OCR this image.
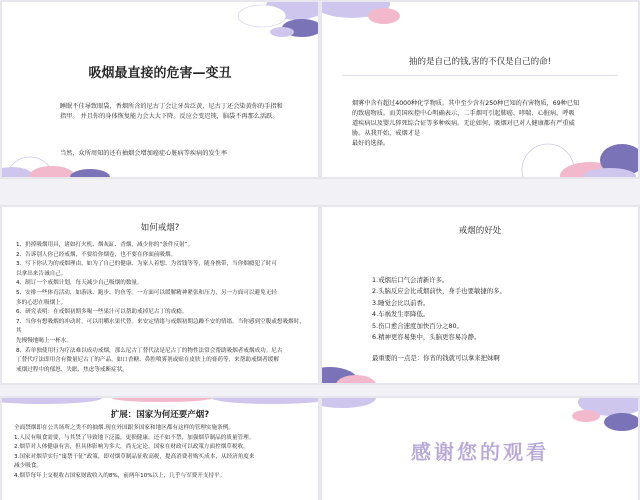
吸烟最直接的危害—变丑
睡眠不佳导致眼袋，香烟所含的尼古丁会让牙齿泛黄，尼古丁还会染黄你的手指和
指甲。 并且你的身体恢复能力会大大下降。反应会变迟钝，脑袋不再那么活跃。
当然，众所周知的还有抽烟会增加癌症心脏病等疾病的发生率
抽的是自己的钱,害的不仅是自己的命!
烟雾中含有超过4000种化学物质。其中至少含有250种已知的有害物质，69种已知
的致癌物质。而美国疾控中心明确表示，二手烟可引起肺癌、哮喘、心脏病，呼吸
道疾病以及婴儿猝死综合征等多种疾病。无论如何，吸烟对已对人健康都有严重威
胁。从我开始，戒烟才是
最好的选择。
如何戒烟?
1、扔掉吸烟用具，诸如打火机、烟灰缸、香烟，减少你的“条件反射”。
2、告诉别人你已经戒烟，不要给你烟卷，也不要在你面前吸烟。
3、写下你认为的戒烟理由，如为了自己的健康、为家人着想、为省钱等等，随身携带，当你烟瘾犯了时可
以拿出来告诫自己。
4、制订一个戒烟计划，每天减少自己吸烟的数量。
5、安排一些体育活动，如游泳、跑步、钓鱼等。一方面可以缓解精神紧张和压力，另一方面可以避免无轻
多的心思在吸烟上。
6、研究表明：在戒烟初期多喝一些果汁可以帮助戒掉尼古丁的成瘾。
7、当你有想吸烟的冲动时，可以用嚼水果代替。来安定情绪与戒烟初期急躁不安的情绪。当你感到空腹或想吸烟时，其
先慢慢地喝上一杯水。
8、若单独使用行为疗法难以成功戒烟，那么尼古丁替代法是尼古丁的物性法常会帮助吸烟者戒烟成功。尼古
丁替代疗法即用含有微量尼古丁的产品，如口香糖、鼻腔喷雾剂或贴在皮肤上的膏药等，来帮助戒烟者缓解
戒烟过程中的郁怒、失眠、焦虑等戒断症状。
戒烟的好处
1.戒烟后口气会清新许多。
2.头脑反应会比戒烟前快，身手也要敏捷的多。
3.睡觉会比以前香。
4.车祸发生率降低。
5.伤口愈合速度加快百分之80。
6.精神更容易集中，头脑更容易冷静。
最重要的一点是：你省的钱就可以拿来把妹啊
扩展：国家为何还要产烟?
全面禁烟即在公共场所之类不的抽烟.现在外国跟多国家和地区都有这样的管理实施条例。
1.人民有吸食需要，与其禁了导致地下泛滥，更损健康，还不如不禁，加强烟草制品的质量管理。
2.烟草对人体健康有害，但具体影响为多大，尚无定论。国家在财政可以政策方面控烟草税收。
3.国家对烟草实行“寓禁于征”政策，即对烟草制品征收高税，提高消费者购买成本，从经济角度来
减少吸食。
4.烟草每年上交税收占国家财政收入的8%，前两年10%以上，几乎与军费开支持平。
感谢您的观看
